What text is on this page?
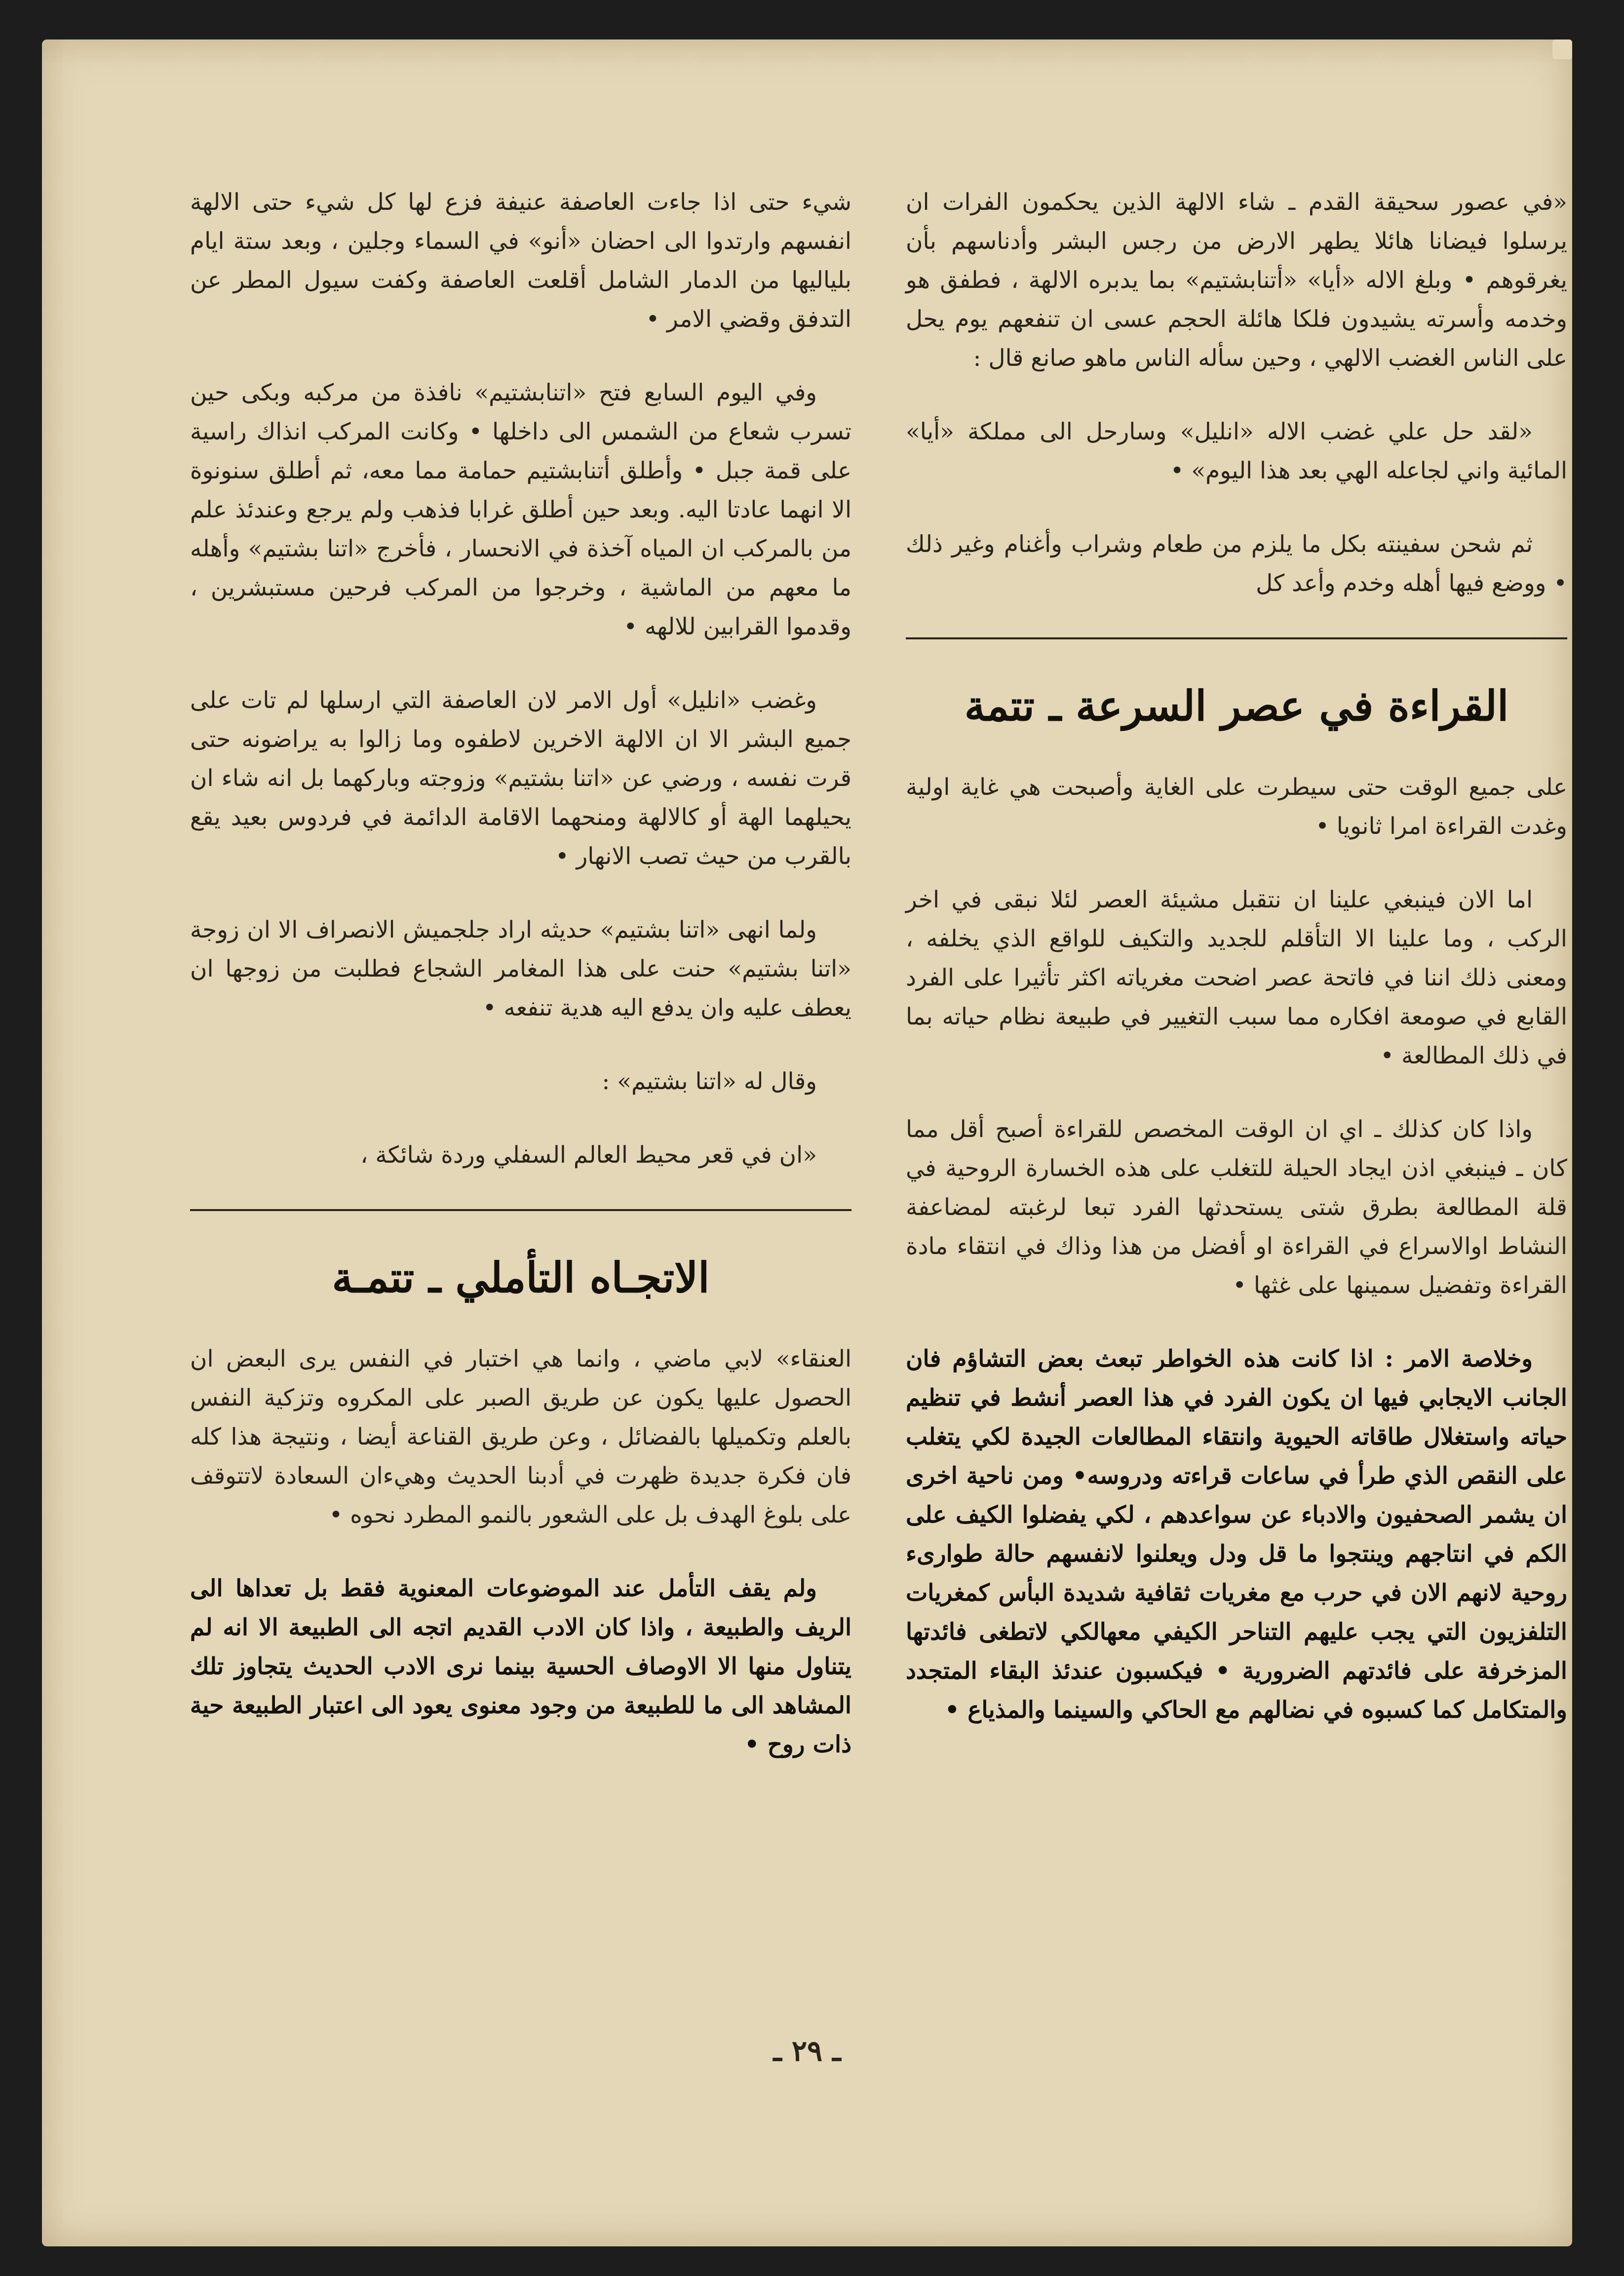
«في عصور سحيقة القدم ـ شاء الالهة الذين يحكمون الفرات ان يرسلوا فيضانا هائلا يطهر الارض من رجس البشر وأدناسهم بأن يغرقوهم • وبلغ الاله «أيا» «أتنابشتيم» بما يدبره الالهة ، فطفق هو وخدمه وأسرته يشيدون فلكا هائلة الحجم عسى ان تنفعهم يوم يحل على الناس الغضب الالهي ، وحين سأله الناس ماهو صانع قال :

«لقد حل علي غضب الاله «انليل» وسارحل الى مملكة «أيا» المائية واني لجاعله الهي بعد هذا اليوم» •

ثم شحن سفينته بكل ما يلزم من طعام وشراب وأغنام وغير ذلك • ووضع فيها أهله وخدم وأعد كل

القراءة في عصر السرعة ـ تتمة

على جميع الوقت حتى سيطرت على الغاية وأصبحت هي غاية اولية وغدت القراءة امرا ثانويا •

اما الان فينبغي علينا ان نتقبل مشيئة العصر لئلا نبقى في اخر الركب ، وما علينا الا التأقلم للجديد والتكيف للواقع الذي يخلفه ، ومعنى ذلك اننا في فاتحة عصر اضحت مغرياته اكثر تأثيرا على الفرد القابع في صومعة افكاره مما سبب التغيير في طبيعة نظام حياته بما في ذلك المطالعة •

واذا كان كذلك ـ اي ان الوقت المخصص للقراءة أصبح أقل مما كان ـ فينبغي اذن ايجاد الحيلة للتغلب على هذه الخسارة الروحية في قلة المطالعة بطرق شتى يستحدثها الفرد تبعا لرغبته لمضاعفة النشاط اوالاسراع في القراءة او أفضل من هذا وذاك في انتقاء مادة القراءة وتفضيل سمينها على غثها •

وخلاصة الامر : اذا كانت هذه الخواطر تبعث بعض التشاؤم فان الجانب الايجابي فيها ان يكون الفرد في هذا العصر أنشط في تنظيم حياته واستغلال طاقاته الحيوية وانتقاء المطالعات الجيدة لكي يتغلب على النقص الذي طرأ في ساعات قراءته ودروسه• ومن ناحية اخرى ان يشمر الصحفيون والادباء عن سواعدهم ، لكي يفضلوا الكيف على الكم في انتاجهم وينتجوا ما قل ودل ويعلنوا لانفسهم حالة طوارىء روحية لانهم الان في حرب مع مغريات ثقافية شديدة البأس كمغريات التلفزيون التي يجب عليهم التناحر الكيفي معهالكي لاتطغى فائدتها المزخرفة على فائدتهم الضرورية • فيكسبون عندئذ البقاء المتجدد والمتكامل كما كسبوه في نضالهم مع الحاكي والسينما والمذياع •

شيء حتى اذا جاءت العاصفة عنيفة فزع لها كل شيء حتى الالهة انفسهم وارتدوا الى احضان «أنو» في السماء وجلين ، وبعد ستة ايام بلياليها من الدمار الشامل أقلعت العاصفة وكفت سيول المطر عن التدفق وقضي الامر •

وفي اليوم السابع فتح «اتنابشتيم» نافذة من مركبه وبكى حين تسرب شعاع من الشمس الى داخلها • وكانت المركب انذاك راسية على قمة جبل • وأطلق أتنابشتيم حمامة مما معه، ثم أطلق سنونوة الا انهما عادتا اليه. وبعد حين أطلق غرابا فذهب ولم يرجع وعندئذ علم من بالمركب ان المياه آخذة في الانحسار ، فأخرج «اتنا بشتيم» وأهله ما معهم من الماشية ، وخرجوا من المركب فرحين مستبشرين ، وقدموا القرابين للالهه •

وغضب «انليل» أول الامر لان العاصفة التي ارسلها لم تات على جميع البشر الا ان الالهة الاخرين لاطفوه وما زالوا به يراضونه حتى قرت نفسه ، ورضي عن «اتنا بشتيم» وزوجته وباركهما بل انه شاء ان يحيلهما الهة أو كالالهة ومنحهما الاقامة الدائمة في فردوس بعيد يقع بالقرب من حيث تصب الانهار •

ولما انهى «اتنا بشتيم» حديثه اراد جلجميش الانصراف الا ان زوجة «اتنا بشتيم» حنت على هذا المغامر الشجاع فطلبت من زوجها ان يعطف عليه وان يدفع اليه هدية تنفعه •

وقال له «اتنا بشتيم» :

«ان في قعر محيط العالم السفلي وردة شائكة ،

الاتجـاه التأملي ـ تتمـة

العنقاء» لابي ماضي ، وانما هي اختبار في النفس يرى البعض ان الحصول عليها يكون عن طريق الصبر على المكروه وتزكية النفس بالعلم وتكميلها بالفضائل ، وعن طريق القناعة أيضا ، ونتيجة هذا كله فان فكرة جديدة ظهرت في أدبنا الحديث وهيءان السعادة لاتتوقف على بلوغ الهدف بل على الشعور بالنمو المطرد نحوه •

ولم يقف التأمل عند الموضوعات المعنوية فقط بل تعداها الى الريف والطبيعة ، واذا كان الادب القديم اتجه الى الطبيعة الا انه لم يتناول منها الا الاوصاف الحسية بينما نرى الادب الحديث يتجاوز تلك المشاهد الى ما للطبيعة من وجود معنوى يعود الى اعتبار الطبيعة حية ذات روح •

ـ ٢٩ ـ
